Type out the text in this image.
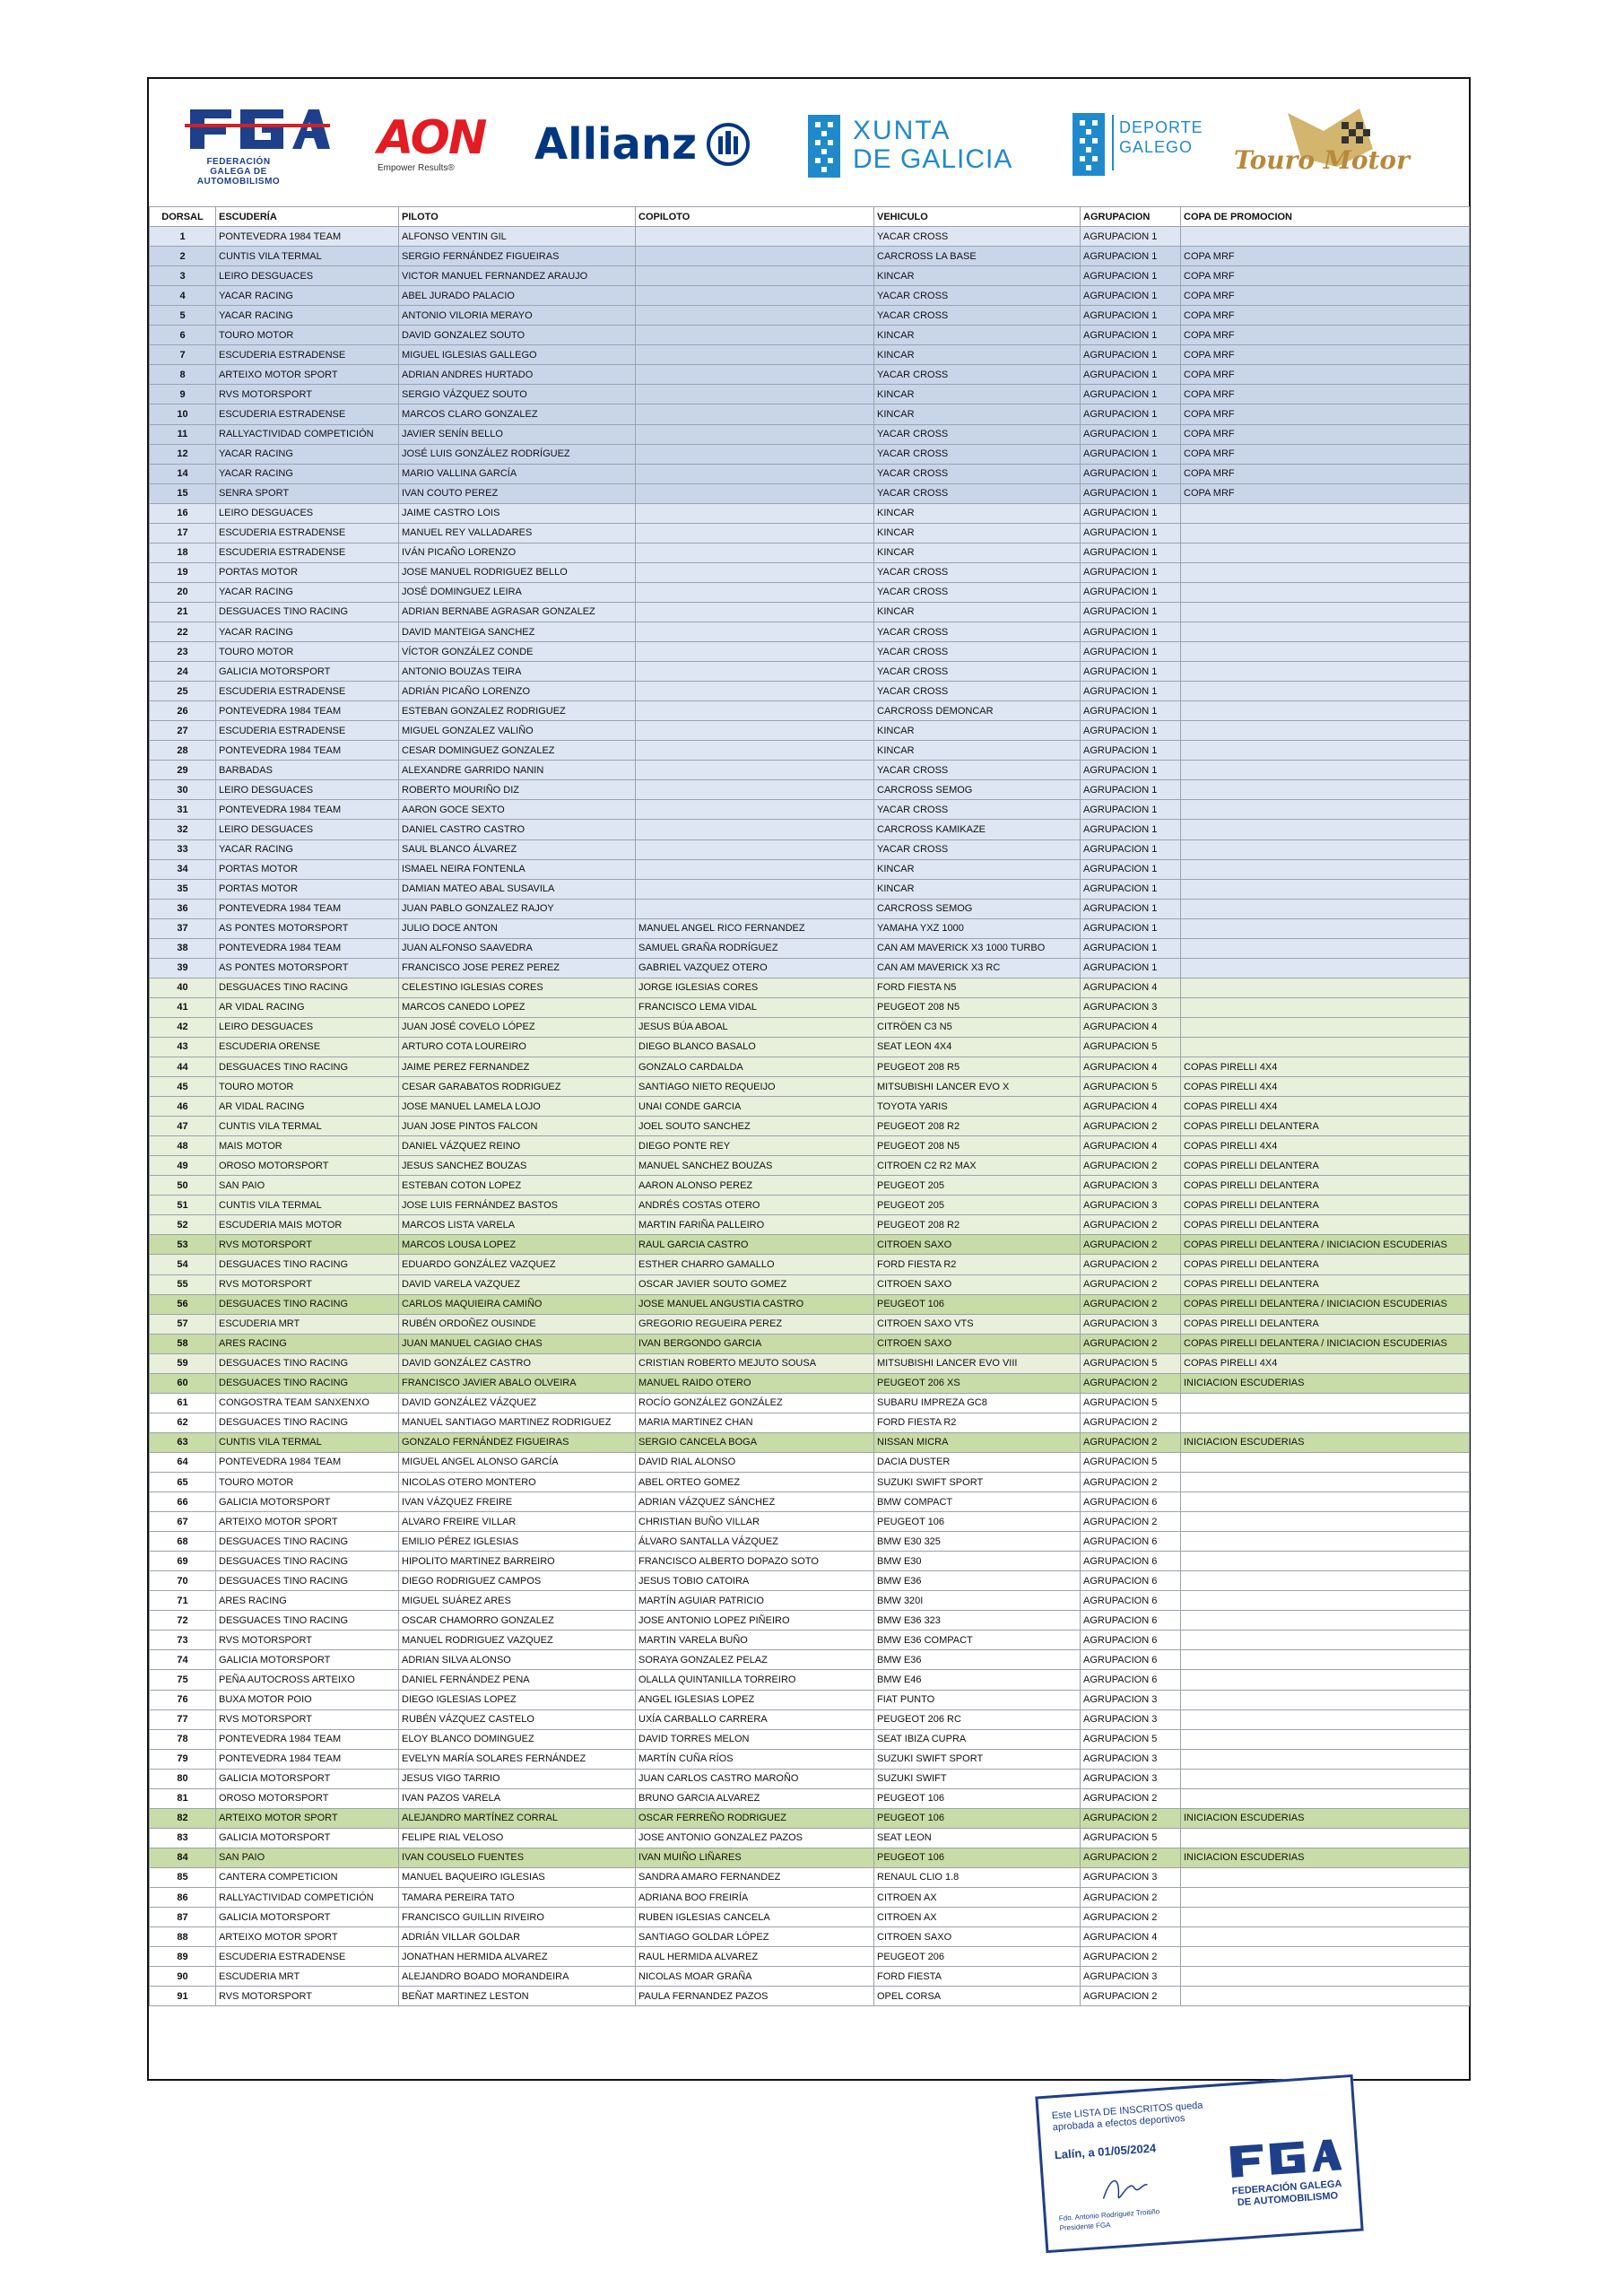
FEDERACIÓN GALEGA DE AUTOMOBILISMO
AON
Empower Results®	Allianz	XUNTA
DE GALICIA
DEPORTE
GALEGO Touro Motor
DORSAL	ESCUDERÍA	PILOTO	COPILOTO	VEHICULO	AGRUPACION	COPA DE PROMOCION
1	PONTEVEDRA 1984 TEAM	ALFONSO VENTIN GIL		YACAR CROSS	AGRUPACION 1	
2	CUNTIS VILA TERMAL	SERGIO FERNÁNDEZ FIGUEIRAS		CARCROSS LA BASE	AGRUPACION 1	COPA MRF
3	LEIRO DESGUACES	VICTOR MANUEL FERNANDEZ ARAUJO		KINCAR	AGRUPACION 1	COPA MRF
4	YACAR RACING	ABEL JURADO PALACIO		YACAR CROSS	AGRUPACION 1	COPA MRF
5	YACAR RACING	ANTONIO VILORIA MERAYO		YACAR CROSS	AGRUPACION 1	COPA MRF
6	TOURO MOTOR	DAVID GONZALEZ SOUTO		KINCAR	AGRUPACION 1	COPA MRF
7	ESCUDERIA ESTRADENSE	MIGUEL IGLESIAS GALLEGO		KINCAR	AGRUPACION 1	COPA MRF
8	ARTEIXO MOTOR SPORT	ADRIAN ANDRES HURTADO		YACAR CROSS	AGRUPACION 1	COPA MRF
9	RVS MOTORSPORT	SERGIO VÁZQUEZ SOUTO		KINCAR	AGRUPACION 1	COPA MRF
10	ESCUDERIA ESTRADENSE	MARCOS CLARO GONZALEZ		KINCAR	AGRUPACION 1	COPA MRF
11	RALLYACTIVIDAD COMPETICIÓN	JAVIER SENÍN BELLO		YACAR CROSS	AGRUPACION 1	COPA MRF
12	YACAR RACING	JOSÉ LUIS GONZÁLEZ RODRÍGUEZ		YACAR CROSS	AGRUPACION 1	COPA MRF
14	YACAR RACING	MARIO VALLINA GARCÍA		YACAR CROSS	AGRUPACION 1	COPA MRF
15	SENRA SPORT	IVAN COUTO PEREZ		YACAR CROSS	AGRUPACION 1	COPA MRF
16	LEIRO DESGUACES	JAIME CASTRO LOIS		KINCAR	AGRUPACION 1	
17	ESCUDERIA ESTRADENSE	MANUEL REY VALLADARES		KINCAR	AGRUPACION 1	
18	ESCUDERIA ESTRADENSE	IVÁN PICAÑO LORENZO		KINCAR	AGRUPACION 1	
19	PORTAS MOTOR	JOSE MANUEL RODRIGUEZ BELLO		YACAR CROSS	AGRUPACION 1	
20	YACAR RACING	JOSÉ DOMINGUEZ LEIRA		YACAR CROSS	AGRUPACION 1	
21	DESGUACES TINO RACING	ADRIAN BERNABE AGRASAR GONZALEZ		KINCAR	AGRUPACION 1	
22	YACAR RACING	DAVID MANTEIGA SANCHEZ		YACAR CROSS	AGRUPACION 1	
23	TOURO MOTOR	VÍCTOR GONZÁLEZ CONDE		YACAR CROSS	AGRUPACION 1	
24	GALICIA MOTORSPORT	ANTONIO BOUZAS TEIRA		YACAR CROSS	AGRUPACION 1	
25	ESCUDERIA ESTRADENSE	ADRIÁN PICAÑO LORENZO		YACAR CROSS	AGRUPACION 1	
26	PONTEVEDRA 1984 TEAM	ESTEBAN GONZALEZ RODRIGUEZ		CARCROSS DEMONCAR	AGRUPACION 1	
27	ESCUDERIA ESTRADENSE	MIGUEL GONZALEZ VALIÑO		KINCAR	AGRUPACION 1	
28	PONTEVEDRA 1984 TEAM	CESAR DOMINGUEZ GONZALEZ		KINCAR	AGRUPACION 1	
29	BARBADAS	ALEXANDRE GARRIDO NANIN		YACAR CROSS	AGRUPACION 1	
30	LEIRO DESGUACES	ROBERTO MOURIÑO DIZ		CARCROSS SEMOG	AGRUPACION 1	
31	PONTEVEDRA 1984 TEAM	AARON GOCE SEXTO		YACAR CROSS	AGRUPACION 1	
32	LEIRO DESGUACES	DANIEL CASTRO CASTRO		CARCROSS KAMIKAZE	AGRUPACION 1	
33	YACAR RACING	SAUL BLANCO ÁLVAREZ		YACAR CROSS	AGRUPACION 1	
34	PORTAS MOTOR	ISMAEL NEIRA FONTENLA		KINCAR	AGRUPACION 1	
35	PORTAS MOTOR	DAMIAN MATEO ABAL SUSAVILA		KINCAR	AGRUPACION 1	
36	PONTEVEDRA 1984 TEAM	JUAN PABLO GONZALEZ RAJOY		CARCROSS SEMOG	AGRUPACION 1	
37	AS PONTES MOTORSPORT	JULIO DOCE ANTON	MANUEL ANGEL RICO FERNANDEZ	YAMAHA YXZ 1000	AGRUPACION 1	
38	PONTEVEDRA 1984 TEAM	JUAN ALFONSO SAAVEDRA	SAMUEL GRAÑA RODRÍGUEZ	CAN AM MAVERICK X3 1000 TURBO	AGRUPACION 1	
39	AS PONTES MOTORSPORT	FRANCISCO JOSE PEREZ PEREZ	GABRIEL VAZQUEZ OTERO	CAN AM MAVERICK X3 RC	AGRUPACION 1	
40	DESGUACES TINO RACING	CELESTINO IGLESIAS CORES	JORGE IGLESIAS CORES	FORD FIESTA N5	AGRUPACION 4	
41	AR VIDAL RACING	MARCOS CANEDO LOPEZ	FRANCISCO LEMA VIDAL	PEUGEOT 208 N5	AGRUPACION 3	
42	LEIRO DESGUACES	JUAN JOSÉ COVELO LÓPEZ	JESUS BÚA ABOAL	CITRÖEN C3 N5	AGRUPACION 4	
43	ESCUDERIA ORENSE	ARTURO COTA LOUREIRO	DIEGO BLANCO BASALO	SEAT LEON 4X4	AGRUPACION 5	
44	DESGUACES TINO RACING	JAIME PEREZ FERNANDEZ	GONZALO CARDALDA	PEUGEOT 208 R5	AGRUPACION 4	COPAS PIRELLI 4X4
45	TOURO MOTOR	CESAR GARABATOS RODRIGUEZ	SANTIAGO NIETO REQUEIJO	MITSUBISHI LANCER EVO X	AGRUPACION 5	COPAS PIRELLI 4X4
46	AR VIDAL RACING	JOSE MANUEL LAMELA LOJO	UNAI CONDE GARCIA	TOYOTA YARIS	AGRUPACION 4	COPAS PIRELLI 4X4
47	CUNTIS VILA TERMAL	JUAN JOSE PINTOS FALCON	JOEL SOUTO SANCHEZ	PEUGEOT 208 R2	AGRUPACION 2	COPAS PIRELLI DELANTERA
48	MAIS MOTOR	DANIEL VÁZQUEZ REINO	DIEGO PONTE REY	PEUGEOT 208 N5	AGRUPACION 4	COPAS PIRELLI 4X4
49	OROSO MOTORSPORT	JESUS SANCHEZ BOUZAS	MANUEL SANCHEZ BOUZAS	CITROEN C2 R2 MAX	AGRUPACION 2	COPAS PIRELLI DELANTERA
50	SAN PAIO	ESTEBAN COTON LOPEZ	AARON ALONSO PEREZ	PEUGEOT 205	AGRUPACION 3	COPAS PIRELLI DELANTERA
51	CUNTIS VILA TERMAL	JOSE LUIS FERNÁNDEZ BASTOS	ANDRÉS COSTAS OTERO	PEUGEOT 205	AGRUPACION 3	COPAS PIRELLI DELANTERA
52	ESCUDERIA MAIS MOTOR	MARCOS LISTA VARELA	MARTIN FARIÑA PALLEIRO	PEUGEOT 208 R2	AGRUPACION 2	COPAS PIRELLI DELANTERA
53	RVS MOTORSPORT	MARCOS LOUSA LOPEZ	RAUL GARCIA CASTRO	CITROEN SAXO	AGRUPACION 2	COPAS PIRELLI DELANTERA / INICIACION ESCUDERIAS
54	DESGUACES TINO RACING	EDUARDO GONZÁLEZ VAZQUEZ	ESTHER CHARRO GAMALLO	FORD FIESTA R2	AGRUPACION 2	COPAS PIRELLI DELANTERA
55	RVS MOTORSPORT	DAVID VARELA VAZQUEZ	OSCAR JAVIER SOUTO GOMEZ	CITROEN SAXO	AGRUPACION 2	COPAS PIRELLI DELANTERA
56	DESGUACES TINO RACING	CARLOS MAQUIEIRA CAMIÑO	JOSE MANUEL ANGUSTIA CASTRO	PEUGEOT 106	AGRUPACION 2	COPAS PIRELLI DELANTERA / INICIACION ESCUDERIAS
57	ESCUDERIA MRT	RUBÉN ORDOÑEZ OUSINDE	GREGORIO REGUEIRA PEREZ	CITROEN SAXO VTS	AGRUPACION 3	COPAS PIRELLI DELANTERA
58	ARES RACING	JUAN MANUEL CAGIAO CHAS	IVAN BERGONDO GARCIA	CITROEN SAXO	AGRUPACION 2	COPAS PIRELLI DELANTERA / INICIACION ESCUDERIAS
59	DESGUACES TINO RACING	DAVID GONZÁLEZ CASTRO	CRISTIAN ROBERTO MEJUTO SOUSA	MITSUBISHI LANCER EVO VIII	AGRUPACION 5	COPAS PIRELLI 4X4
60	DESGUACES TINO RACING	FRANCISCO JAVIER ABALO OLVEIRA	MANUEL RAIDO OTERO	PEUGEOT 206 XS	AGRUPACION 2	INICIACION ESCUDERIAS
61	CONGOSTRA TEAM SANXENXO	DAVID GONZÁLEZ VÁZQUEZ	ROCÍO GONZÁLEZ GONZÁLEZ	SUBARU IMPREZA GC8	AGRUPACION 5	
62	DESGUACES TINO RACING	MANUEL SANTIAGO MARTINEZ RODRIGUEZ	MARIA MARTINEZ CHAN	FORD FIESTA R2	AGRUPACION 2	
63	CUNTIS VILA TERMAL	GONZALO FERNÁNDEZ FIGUEIRAS	SERGIO CANCELA BOGA	NISSAN MICRA	AGRUPACION 2	INICIACION ESCUDERIAS
64	PONTEVEDRA 1984 TEAM	MIGUEL ANGEL ALONSO GARCÍA	DAVID RIAL ALONSO	DACIA DUSTER	AGRUPACION 5	
65	TOURO MOTOR	NICOLAS OTERO MONTERO	ABEL ORTEO GOMEZ	SUZUKI SWIFT SPORT	AGRUPACION 2	
66	GALICIA MOTORSPORT	IVAN VÁZQUEZ FREIRE	ADRIAN VÁZQUEZ SÁNCHEZ	BMW COMPACT	AGRUPACION 6	
67	ARTEIXO MOTOR SPORT	ALVARO FREIRE VILLAR	CHRISTIAN BUÑO VILLAR	PEUGEOT 106	AGRUPACION 2	
68	DESGUACES TINO RACING	EMILIO PÉREZ IGLESIAS	ÁLVARO SANTALLA VÁZQUEZ	BMW E30 325	AGRUPACION 6	
69	DESGUACES TINO RACING	HIPOLITO MARTINEZ BARREIRO	FRANCISCO ALBERTO DOPAZO SOTO	BMW E30	AGRUPACION 6	
70	DESGUACES TINO RACING	DIEGO RODRIGUEZ CAMPOS	JESUS TOBIO CATOIRA	BMW E36	AGRUPACION 6	
71	ARES RACING	MIGUEL SUÁREZ ARES	MARTÍN AGUIAR PATRICIO	BMW 320I	AGRUPACION 6	
72	DESGUACES TINO RACING	OSCAR CHAMORRO GONZALEZ	JOSE ANTONIO LOPEZ PIÑEIRO	BMW E36 323	AGRUPACION 6	
73	RVS MOTORSPORT	MANUEL RODRIGUEZ VAZQUEZ	MARTIN VARELA BUÑO	BMW E36 COMPACT	AGRUPACION 6	
74	GALICIA MOTORSPORT	ADRIAN SILVA ALONSO	SORAYA GONZALEZ PELAZ	BMW E36	AGRUPACION 6	
75	PEÑA AUTOCROSS ARTEIXO	DANIEL FERNÁNDEZ PENA	OLALLA QUINTANILLA TORREIRO	BMW E46	AGRUPACION 6	
76	BUXA MOTOR POIO	DIEGO IGLESIAS LOPEZ	ANGEL IGLESIAS LOPEZ	FIAT PUNTO	AGRUPACION 3	
77	RVS MOTORSPORT	RUBÉN VÁZQUEZ CASTELO	UXÍA CARBALLO CARRERA	PEUGEOT 206 RC	AGRUPACION 3	
78	PONTEVEDRA 1984 TEAM	ELOY BLANCO DOMINGUEZ	DAVID TORRES MELON	SEAT IBIZA CUPRA	AGRUPACION 5	
79	PONTEVEDRA 1984 TEAM	EVELYN MARÍA SOLARES FERNÁNDEZ	MARTÍN CUÑA RÍOS	SUZUKI SWIFT SPORT	AGRUPACION 3	
80	GALICIA MOTORSPORT	JESUS VIGO TARRIO	JUAN CARLOS CASTRO MAROÑO	SUZUKI SWIFT	AGRUPACION 3	
81	OROSO MOTORSPORT	IVAN PAZOS VARELA	BRUNO GARCIA ALVAREZ	PEUGEOT 106	AGRUPACION 2	
82	ARTEIXO MOTOR SPORT	ALEJANDRO MARTÍNEZ CORRAL	OSCAR FERREÑO RODRIGUEZ	PEUGEOT 106	AGRUPACION 2	INICIACION ESCUDERIAS
83	GALICIA MOTORSPORT	FELIPE RIAL VELOSO	JOSE ANTONIO GONZALEZ PAZOS	SEAT LEON	AGRUPACION 5	
84	SAN PAIO	IVAN COUSELO FUENTES	IVAN MUIÑO LIÑARES	PEUGEOT 106	AGRUPACION 2	INICIACION ESCUDERIAS
85	CANTERA COMPETICION	MANUEL BAQUEIRO IGLESIAS	SANDRA AMARO FERNANDEZ	RENAUL CLIO 1.8	AGRUPACION 3	
86	RALLYACTIVIDAD COMPETICIÓN	TAMARA PEREIRA TATO	ADRIANA BOO FREIRÍA	CITROEN AX	AGRUPACION 2	
87	GALICIA MOTORSPORT	FRANCISCO GUILLIN RIVEIRO	RUBEN IGLESIAS CANCELA	CITROEN AX	AGRUPACION 2	
88	ARTEIXO MOTOR SPORT	ADRIÁN VILLAR GOLDAR	SANTIAGO GOLDAR LÓPEZ	CITROEN SAXO	AGRUPACION 4	
89	ESCUDERIA ESTRADENSE	JONATHAN HERMIDA ALVAREZ	RAUL HERMIDA ALVAREZ	PEUGEOT 206	AGRUPACION 2	
90	ESCUDERIA MRT	ALEJANDRO BOADO MORANDEIRA	NICOLAS MOAR GRAÑA	FORD FIESTA	AGRUPACION 3	
91	RVS MOTORSPORT	BEÑAT MARTINEZ LESTON	PAULA FERNANDEZ PAZOS	OPEL CORSA	AGRUPACION 2	
Este LISTA DE INSCRITOS queda aprobada a efectos deportivos
Lalín, a 01/05/2024
Fdo. Antonio Rodríguez Troitiño
Presidente FGA
FEDERACIÓN GALEGA DE AUTOMOBILISMO
